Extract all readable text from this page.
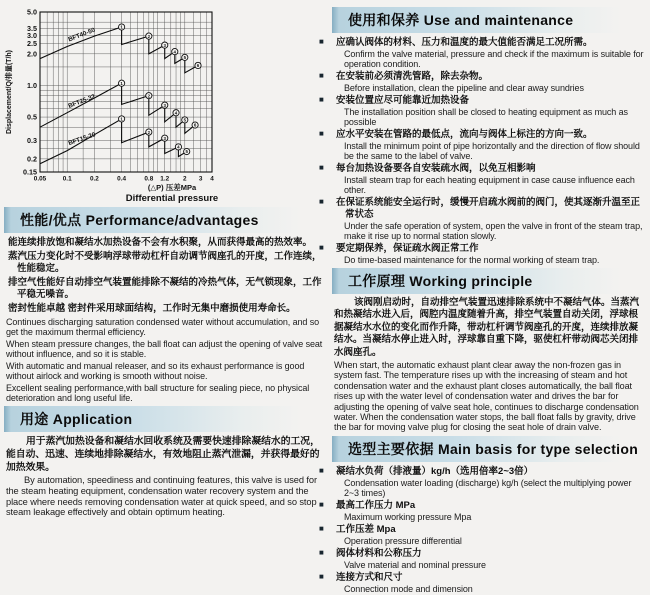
5.0
3.5
3.0
2.5
2.0
1.0
0.5
0.3
0.2
0.15
0.05	0.1	0.2	0.4	0.8 1.2 2 3 4
Displacement/Q/排量(T/h)
(△P) 压差MPa
Differential pressure
BFT40-50	1
2
3
4
5
6
BFT25-32
1
2
3
4
5
6
BFT15-20
1
2
3
4
5
性能/优点 Performance/advantages
能连续排放饱和凝结水加热设备不会有水积聚，从而获得最高的热效率。
蒸汽压力变化时不受影响浮球带动杠杆自动调节阀座孔的开度，工作连续，性能稳定。
排空气性能好自动排空气装置能排除不凝结的冷热气体，无气锁现象，工作平稳无噪音。
密封性能卓越 密封件采用球面结构，工作时无集中磨损使用寿命长。

Continues discharging saturation condensed water without accumulation, and so get the maximum thermal efficiency.

When steam pressure changes, the ball float can adjust the opening of valve seat without influence, and so it is stable.

With automatic and manual releaser, and so its exhaust performance is good without airlock and working is smooth without noise.

Excellent sealing performance,with ball structure for sealing piece, no physical deterioration and long useful life.

用途 Application

用于蒸汽加热设备和凝结水回收系统及需要快速排除凝结水的工况，能自动、迅速、连续地排除凝结水，有效地阻止蒸汽泄漏，并获得最好的加热效果。

By automation, speediness and continuing features, this valve is used for the steam heating equipment, condensation water recovery system and the place where needs removing condensation water at quick speed, and so stop steam leakage effectively and obtain optimum heating.

使用和保养 Use and maintenance
■ 应确认阀体的材料、压力和温度的最大值能否满足工况所需。
Confirm the valve material, pressure and check if the maximum is suitable for operation condition.
■ 在安装前必须清洗管路，除去杂物。
Before installation, clean the pipeline and clear away sundries
■ 安装位置应尽可能靠近加热设备
The installation position shall be closed to heating equipment as much as possible
■ 应水平安装在管路的最低点，流向与阀体上标注的方向一致。
Install the minimum point of pipe horizontally and the direction of flow should be the same to the label of valve.
■ 每台加热设备要各自安装疏水阀，以免互相影响
Install steam trap for each heating equipment in case cause influence each other.
■ 在保证系统能安全运行时，缓慢开启疏水阀前的阀门，使其逐渐升温至正常状态
Under the safe operation of system, open the valve in front of the steam trap, make it rise up to normal station slowly.
■ 要定期保养，保证疏水阀正常工作
Do time-based maintenance for the normal working of steam trap.
工作原理 Working principle

该阀刚启动时，自动排空气装置迅速排除系统中不凝结气体。当蒸汽和热凝结水进入后，阀腔内温度随着升高，排空气装置自动关闭，浮球根据凝结水水位的变化而作升降，带动杠杆调节阀座孔的开度，连续排放凝结水。当凝结水停止进入时，浮球靠自重下降，驱使杠杆带动阀芯关闭排水阀座孔。

When start, the automatic exhaust plant clear away the non-frozen gas in system fast. The temperature rises up with the increasing of steam and hot condensation water and the exhaust plant closes automatically, the ball float rises up with the water level of condensation water and drives the bar for adjusting the opening of valve seat hole, continues to discharge condensation water. When the condensation water stops, the ball float falls by gravity, drive the bar for moving valve plug for closing the seat hole of drain valve.

选型主要依据 Main basis for type selection
■ 凝结水负荷（排液量）kg/h（选用倍率2~3倍）
Condensation water loading (discharge) kg/h (select the multiplying power 2~3 times)
■ 最高工作压力 MPa
Maximum working pressure Mpa
■ 工作压差 Mpa
Operation pressure differential
■ 阀体材料和公称压力
Valve material and nominal pressure
■ 连接方式和尺寸
Connection mode and dimension
